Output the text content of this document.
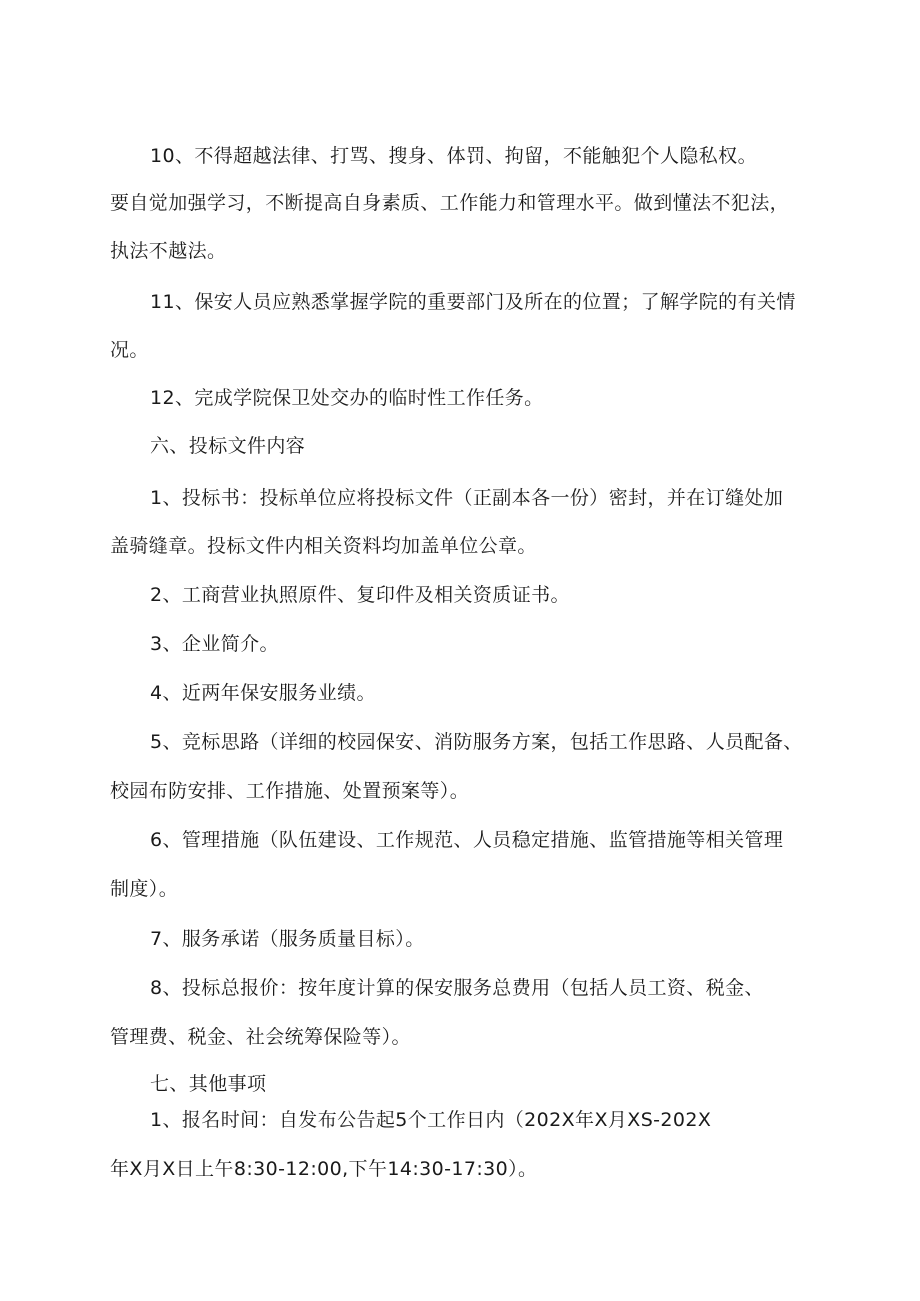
10、不得超越法律、打骂、搜身、体罚、拘留，不能触犯个人隐私权。
要自觉加强学习，不断提高自身素质、工作能力和管理水平。做到懂法不犯法，
执法不越法。
11、保安人员应熟悉掌握学院的重要部门及所在的位置；了解学院的有关情
况。
12、完成学院保卫处交办的临时性工作任务。
六、投标文件内容
1、投标书：投标单位应将投标文件（正副本各一份）密封，并在订缝处加
盖骑缝章。投标文件内相关资料均加盖单位公章。
2、工商营业执照原件、复印件及相关资质证书。
3、企业简介。
4、近两年保安服务业绩。
5、竞标思路（详细的校园保安、消防服务方案，包括工作思路、人员配备、
校园布防安排、工作措施、处置预案等）。
6、管理措施（队伍建设、工作规范、人员稳定措施、监管措施等相关管理
制度）。
7、服务承诺（服务质量目标）。
8、投标总报价：按年度计算的保安服务总费用（包括人员工资、税金、
管理费、税金、社会统筹保险等）。
七、其他事项
1、报名时间：自发布公告起5个工作日内（202X年X月XS-202X
年X月X日上午8:30-12:00,下午14:30-17:30）。
